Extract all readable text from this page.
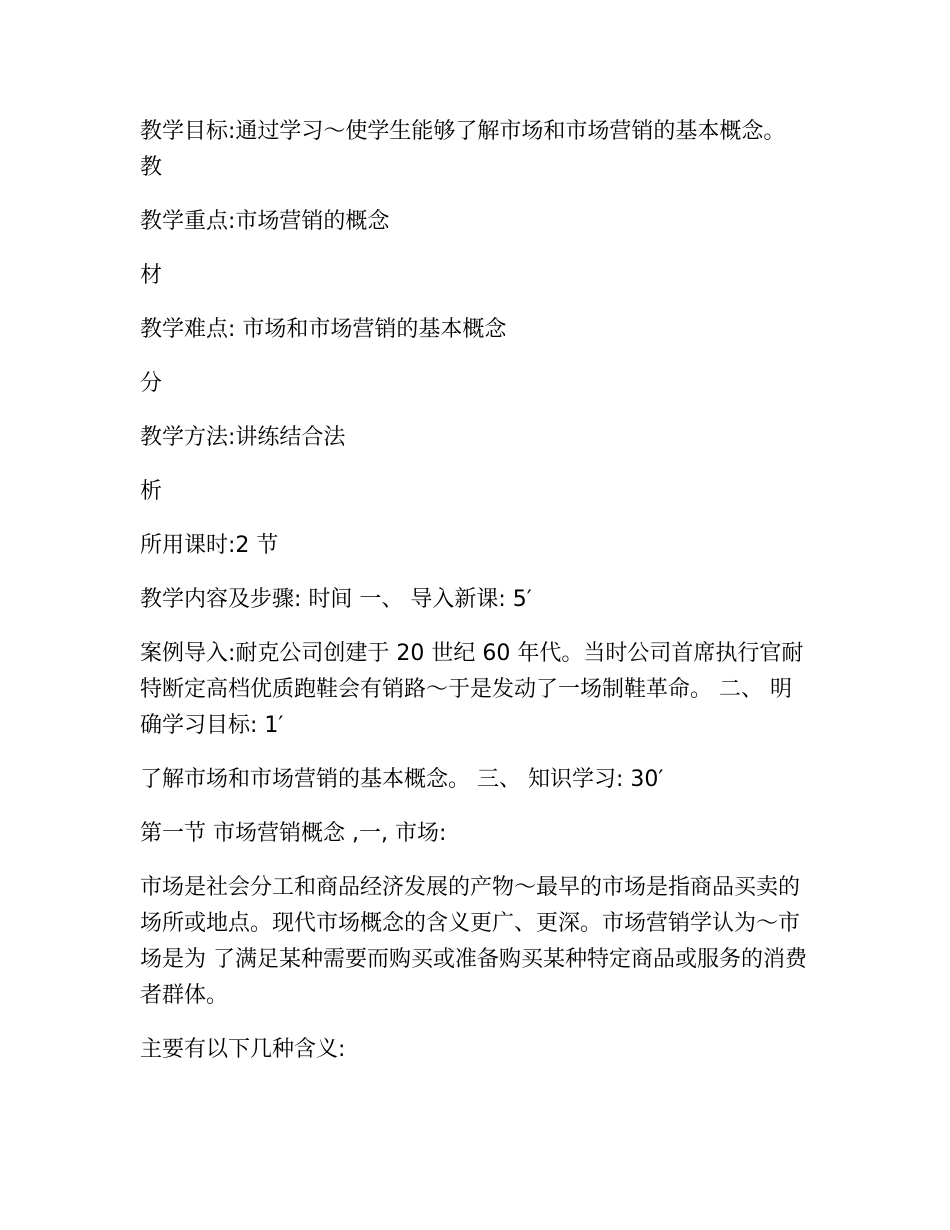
教学目标:通过学习～使学生能够了解市场和市场营销的基本概念。 教

教学重点:市场营销的概念

材

教学难点: 市场和市场营销的基本概念

分

教学方法:讲练结合法

析

所用课时:2 节

教学内容及步骤: 时间 一、 导入新课: 5′

案例导入:耐克公司创建于 20 世纪 60 年代。当时公司首席执行官耐 特断定高档优质跑鞋会有销路～于是发动了一场制鞋革命。 二、 明确学习目标: 1′

了解市场和市场营销的基本概念。 三、 知识学习: 30′

第一节 市场营销概念 ,一, 市场:

市场是社会分工和商品经济发展的产物～最早的市场是指商品买卖的 场所或地点。现代市场概念的含义更广、更深。市场营销学认为～市场是为 了满足某种需要而购买或准备购买某种特定商品或服务的消费者群体。

主要有以下几种含义:
